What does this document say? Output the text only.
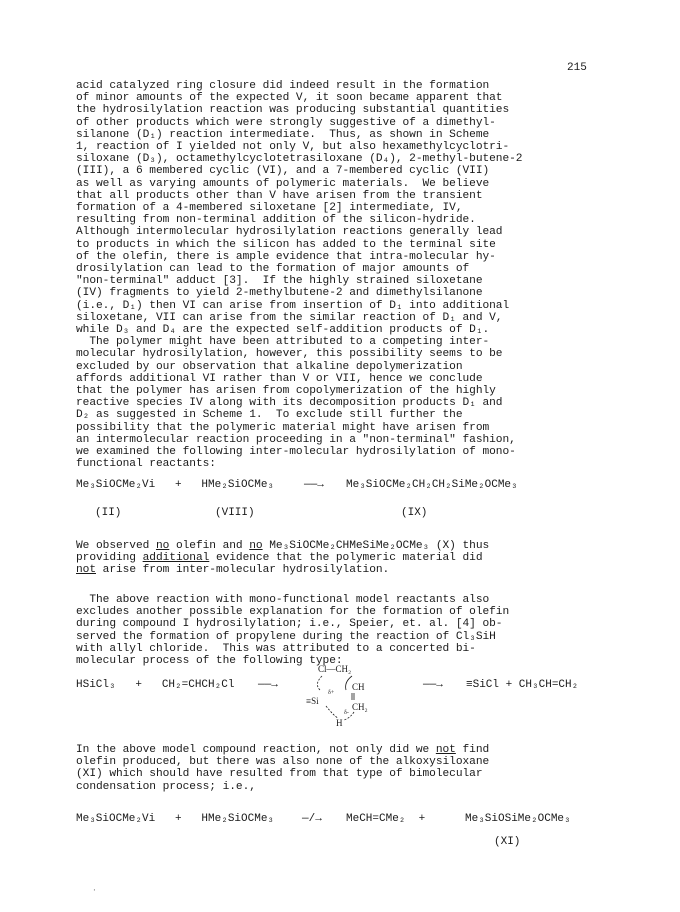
215
acid catalyzed ring closure did indeed result in the formation
of minor amounts of the expected V, it soon became apparent that
the hydrosilylation reaction was producing substantial quantities
of other products which were strongly suggestive of a dimethyl-
silanone (D₁) reaction intermediate.  Thus, as shown in Scheme
1, reaction of I yielded not only V, but also hexamethylcyclotri-
siloxane (D₃), octamethylcyclotetrasiloxane (D₄), 2-methyl-butene-2
(III), a 6 membered cyclic (VI), and a 7-membered cyclic (VII)
as well as varying amounts of polymeric materials.  We believe
that all products other than V have arisen from the transient
formation of a 4-membered siloxetane [2] intermediate, IV,
resulting from non-terminal addition of the silicon-hydride.
Although intermolecular hydrosilylation reactions generally lead
to products in which the silicon has added to the terminal site
of the olefin, there is ample evidence that intra-molecular hy-
drosilylation can lead to the formation of major amounts of
"non-terminal" adduct [3].  If the highly strained siloxetane
(IV) fragments to yield 2-methylbutene-2 and dimethylsilanone
(i.e., D₁) then VI can arise from insertion of D₁ into additional
siloxetane, VII can arise from the similar reaction of D₁ and V,
while D₃ and D₄ are the expected self-addition products of D₁.
The polymer might have been attributed to a competing inter-
molecular hydrosilylation, however, this possibility seems to be
excluded by our observation that alkaline depolymerization
affords additional VI rather than V or VII, hence we conclude
that the polymer has arisen from copolymerization of the highly
reactive species IV along with its decomposition products D₁ and
D₂ as suggested in Scheme 1.  To exclude still further the
possibility that the polymeric material might have arisen from
an intermolecular reaction proceeding in a "non-terminal" fashion,
we examined the following inter-molecular hydrosilylation of mono-
functional reactants:
Me₃SiOCMe₂Vi   +   HMe₂SiOCMe₃	——→ Me₃SiOCMe₂CH₂CH₂SiMe₂OCMe₃
(II)	(VIII)	(IX)
We observed no olefin and no Me₃SiOCMe₂CHMeSiMe₂OCMe₃ (X) thus
providing additional evidence that the polymeric material did
not arise from inter-molecular hydrosilylation.
The above reaction with mono-functional model reactants also
excludes another possible explanation for the formation of olefin
during compound I hydrosilylation; i.e., Speier, et. al. [4] ob-
served the formation of propylene during the reaction of Cl₃SiH
with allyl chloride.  This was attributed to a concerted bi-
molecular process of the following type:
HSiCl₃   +   CH₂=CHCH₂Cl ——→
Cl—CH₂
CH
δ+
≡Si
CH₂
δ-
H
——→ ≡SiCl + CH₃CH=CH₂
In the above model compound reaction, not only did we not find
olefin produced, but there was also none of the alkoxysiloxane
(XI) which should have resulted from that type of bimolecular
condensation process; i.e.,
Me₃SiOCMe₂Vi   +   HMe₂SiOCMe₃	—/→ MeCH=CMe₂  +	Me₃SiOSiMe₂OCMe₃
(XI)
·
